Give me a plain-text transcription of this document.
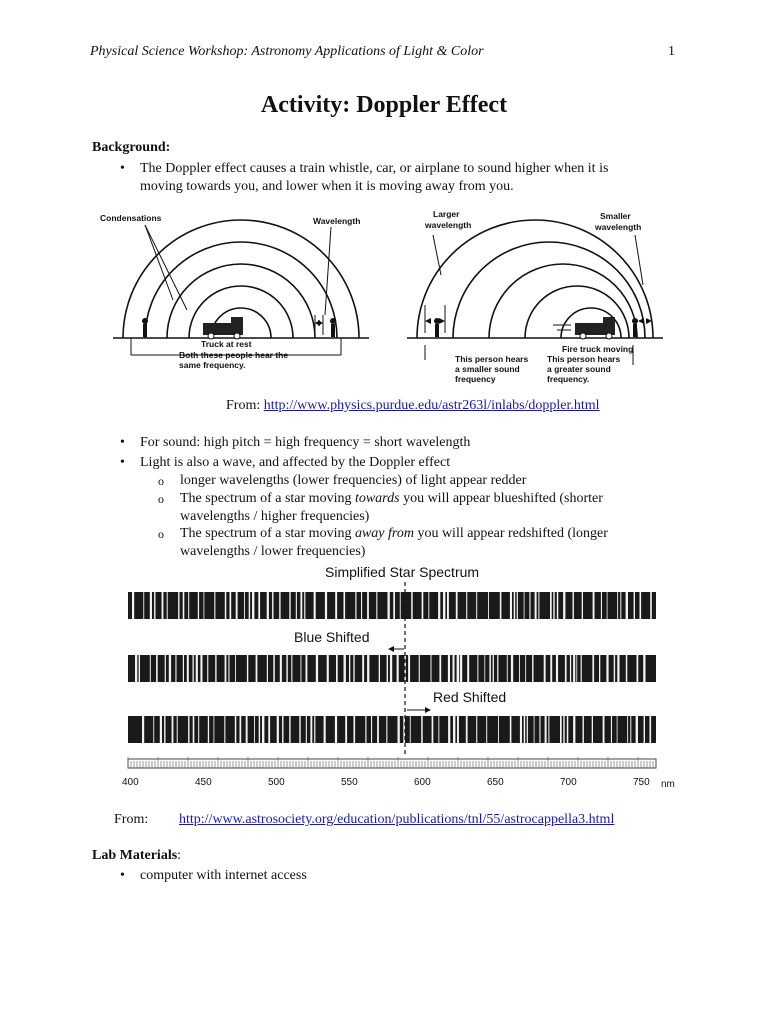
Physical Science Workshop: Astronomy Applications of Light & Color	1
Activity: Doppler Effect
Background:
• The Doppler effect causes a train whistle, car, or airplane to sound higher when it is
moving towards you, and lower when it is moving away from you.
Condensations	Wavelength
Truck at rest
Both these people hear the
same frequency.
Larger
wavelength
Smaller
wavelength
Fire truck moving
This person hears
a smaller sound
frequency
This person hears
a greater sound
frequency.
From: http://www.physics.purdue.edu/astr263l/inlabs/doppler.html
• For sound: high pitch = high frequency = short wavelength
• Light is also a wave, and affected by the Doppler effect
o longer wavelengths (lower frequencies) of light appear redder
o The spectrum of a star moving towards you will appear blueshifted (shorter
wavelengths / higher frequencies)
o The spectrum of a star moving away from you will appear redshifted (longer
wavelengths / lower frequencies)
Simplified Star Spectrum
Blue Shifted
Red Shifted
400	450	500	550	600	650	700	750 nm
From: http://www.astrosociety.org/education/publications/tnl/55/astrocappella3.html
Lab Materials:
• computer with internet access
